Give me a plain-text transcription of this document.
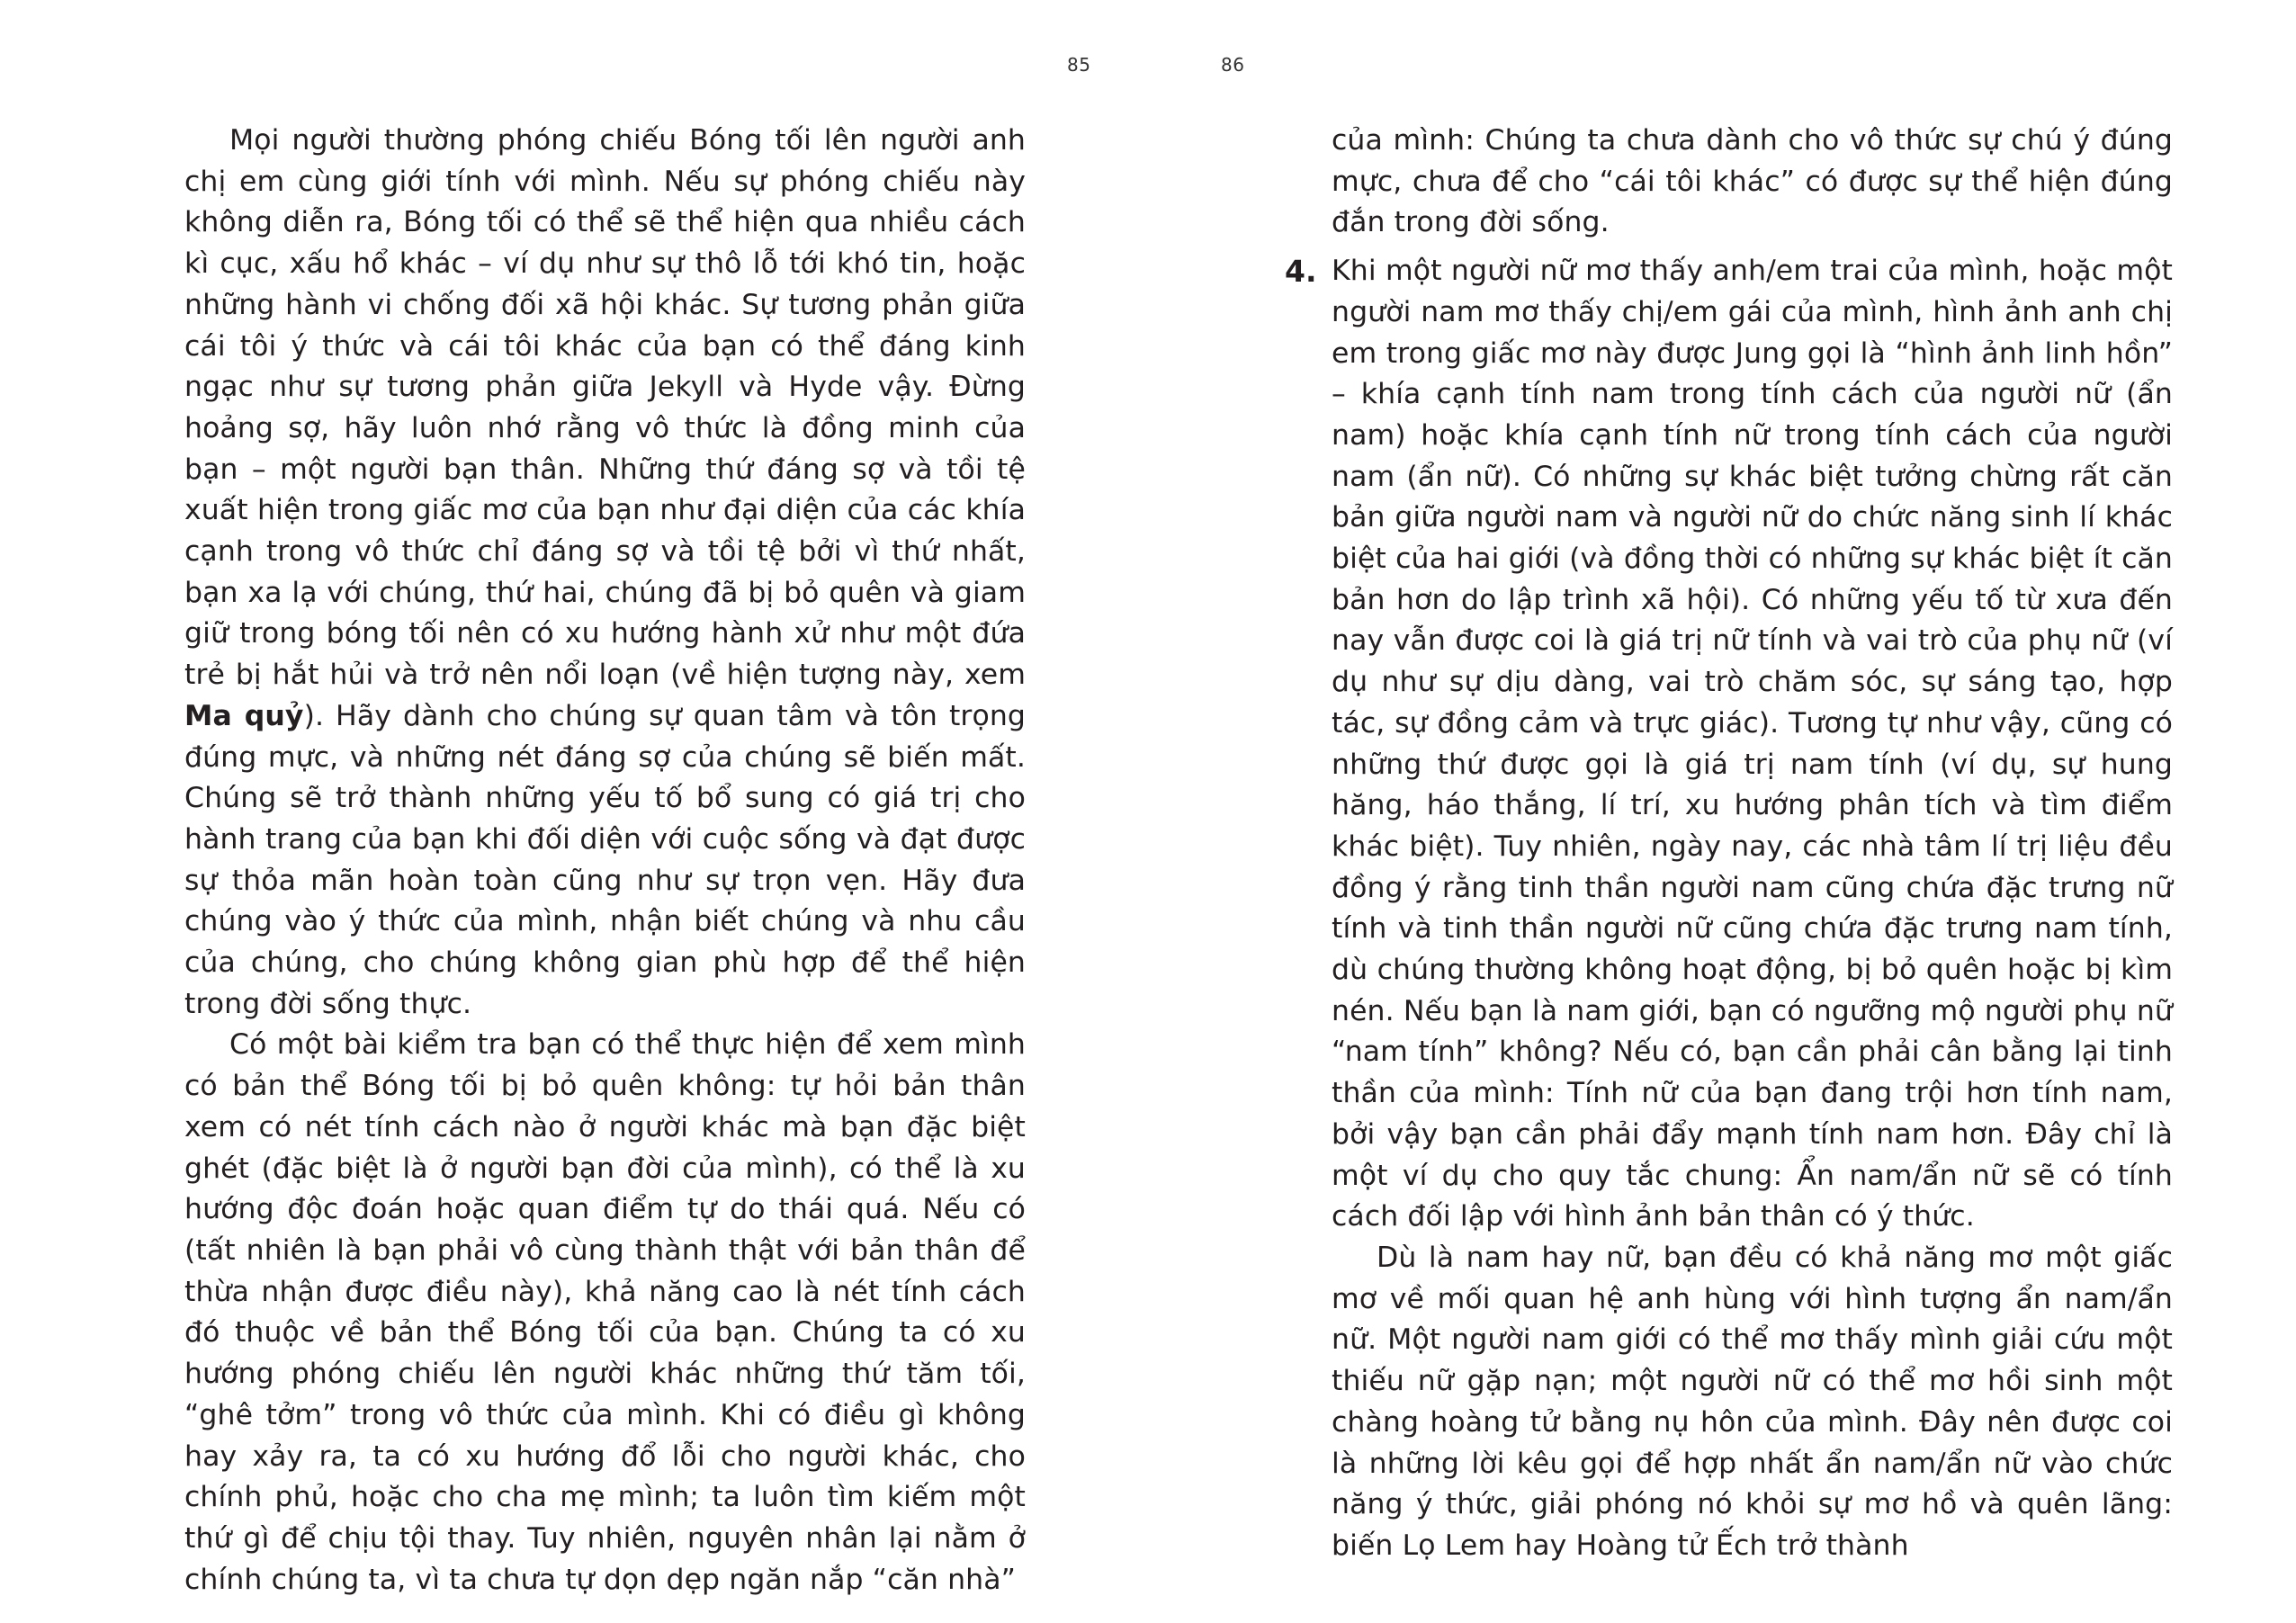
85	86

Mọi người thường phóng chiếu Bóng tối lên người anh chị em cùng giới tính với mình. Nếu sự phóng chiếu này không diễn ra, Bóng tối có thể sẽ thể hiện qua nhiều cách kì cục, xấu hổ khác – ví dụ như sự thô lỗ tới khó tin, hoặc những hành vi chống đối xã hội khác. Sự tương phản giữa cái tôi ý thức và cái tôi khác của bạn có thể đáng kinh ngạc như sự tương phản giữa Jekyll và Hyde vậy. Đừng hoảng sợ, hãy luôn nhớ rằng vô thức là đồng minh của bạn – một người bạn thân. Những thứ đáng sợ và tồi tệ xuất hiện trong giấc mơ của bạn như đại diện của các khía cạnh trong vô thức chỉ đáng sợ và tồi tệ bởi vì thứ nhất, bạn xa lạ với chúng, thứ hai, chúng đã bị bỏ quên và giam giữ trong bóng tối nên có xu hướng hành xử như một đứa trẻ bị hắt hủi và trở nên nổi loạn (về hiện tượng này, xem Ma quỷ). Hãy dành cho chúng sự quan tâm và tôn trọng đúng mực, và những nét đáng sợ của chúng sẽ biến mất. Chúng sẽ trở thành những yếu tố bổ sung có giá trị cho hành trang của bạn khi đối diện với cuộc sống và đạt được sự thỏa mãn hoàn toàn cũng như sự trọn vẹn. Hãy đưa chúng vào ý thức của mình, nhận biết chúng và nhu cầu của chúng, cho chúng không gian phù hợp để thể hiện trong đời sống thực.

Có một bài kiểm tra bạn có thể thực hiện để xem mình có bản thể Bóng tối bị bỏ quên không: tự hỏi bản thân xem có nét tính cách nào ở người khác mà bạn đặc biệt ghét (đặc biệt là ở người bạn đời của mình), có thể là xu hướng độc đoán hoặc quan điểm tự do thái quá. Nếu có (tất nhiên là bạn phải vô cùng thành thật với bản thân để thừa nhận được điều này), khả năng cao là nét tính cách đó thuộc về bản thể Bóng tối của bạn. Chúng ta có xu hướng phóng chiếu lên người khác những thứ tăm tối, “ghê tởm” trong vô thức của mình. Khi có điều gì không hay xảy ra, ta có xu hướng đổ lỗi cho người khác, cho chính phủ, hoặc cho cha mẹ mình; ta luôn tìm kiếm một thứ gì để chịu tội thay. Tuy nhiên, nguyên nhân lại nằm ở chính chúng ta, vì ta chưa tự dọn dẹp ngăn nắp “căn nhà”

của mình: Chúng ta chưa dành cho vô thức sự chú ý đúng mực, chưa để cho “cái tôi khác” có được sự thể hiện đúng đắn trong đời sống.

4. Khi một người nữ mơ thấy anh/em trai của mình, hoặc một người nam mơ thấy chị/em gái của mình, hình ảnh anh chị em trong giấc mơ này được Jung gọi là “hình ảnh linh hồn” – khía cạnh tính nam trong tính cách của người nữ (ẩn nam) hoặc khía cạnh tính nữ trong tính cách của người nam (ẩn nữ). Có những sự khác biệt tưởng chừng rất căn bản giữa người nam và người nữ do chức năng sinh lí khác biệt của hai giới (và đồng thời có những sự khác biệt ít căn bản hơn do lập trình xã hội). Có những yếu tố từ xưa đến nay vẫn được coi là giá trị nữ tính và vai trò của phụ nữ (ví dụ như sự dịu dàng, vai trò chăm sóc, sự sáng tạo, hợp tác, sự đồng cảm và trực giác). Tương tự như vậy, cũng có những thứ được gọi là giá trị nam tính (ví dụ, sự hung hăng, háo thắng, lí trí, xu hướng phân tích và tìm điểm khác biệt). Tuy nhiên, ngày nay, các nhà tâm lí trị liệu đều đồng ý rằng tinh thần người nam cũng chứa đặc trưng nữ tính và tinh thần người nữ cũng chứa đặc trưng nam tính, dù chúng thường không hoạt động, bị bỏ quên hoặc bị kìm nén. Nếu bạn là nam giới, bạn có ngưỡng mộ người phụ nữ “nam tính” không? Nếu có, bạn cần phải cân bằng lại tinh thần của mình: Tính nữ của bạn đang trội hơn tính nam, bởi vậy bạn cần phải đẩy mạnh tính nam hơn. Đây chỉ là một ví dụ cho quy tắc chung: Ẩn nam/ẩn nữ sẽ có tính cách đối lập với hình ảnh bản thân có ý thức.

Dù là nam hay nữ, bạn đều có khả năng mơ một giấc mơ về mối quan hệ anh hùng với hình tượng ẩn nam/ẩn nữ. Một người nam giới có thể mơ thấy mình giải cứu một thiếu nữ gặp nạn; một người nữ có thể mơ hồi sinh một chàng hoàng tử bằng nụ hôn của mình. Đây nên được coi là những lời kêu gọi để hợp nhất ẩn nam/ẩn nữ vào chức năng ý thức, giải phóng nó khỏi sự mơ hồ và quên lãng: biến Lọ Lem hay Hoàng tử Ếch trở thành
